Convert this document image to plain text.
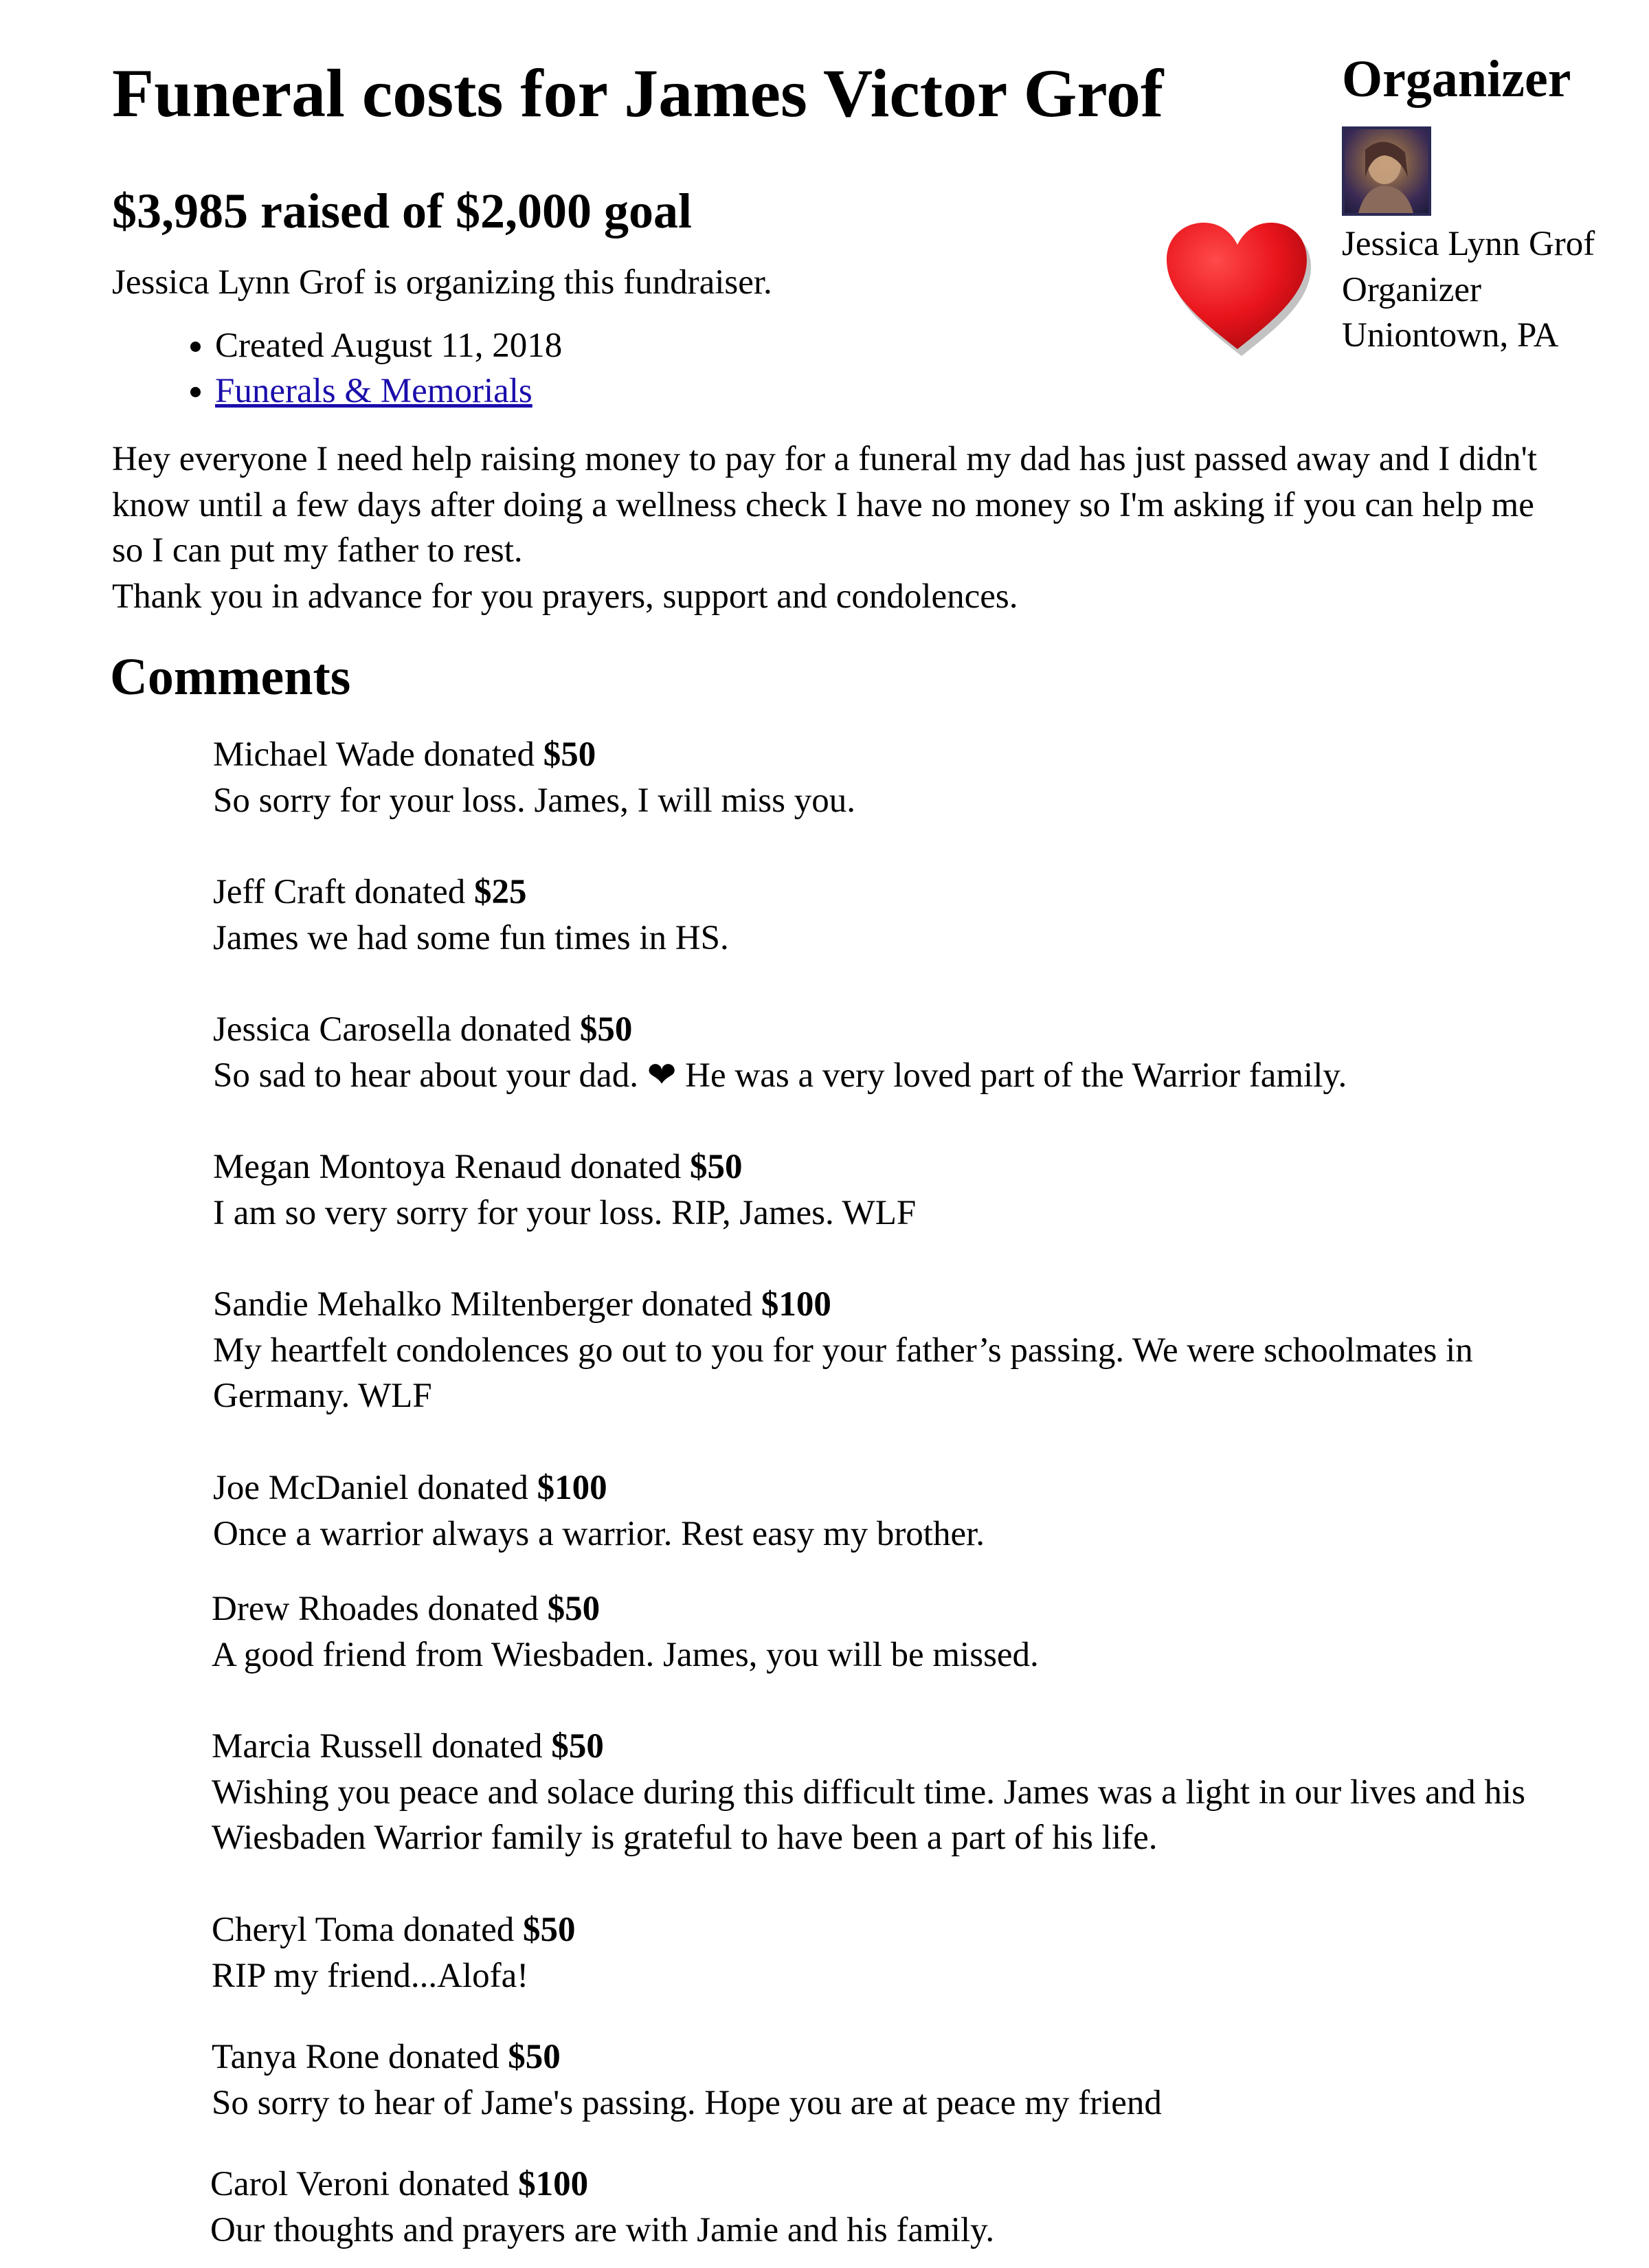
Funeral costs for James Victor Grof
$3,985 raised of $2,000 goal
Jessica Lynn Grof is organizing this fundraiser.
• Created August 11, 2018
• Funerals & Memorials

Hey everyone I need help raising money to pay for a funeral my dad has just passed away and I didn't know until a few days after doing a wellness check I have no money so I'm asking if you can help me so I can put my father to rest.

Thank you in advance for you prayers, support and condolences.

Comments

Michael Wade donated $50

So sorry for your loss. James, I will miss you.

Jeff Craft donated $25

James we had some fun times in HS.

Jessica Carosella donated $50

So sad to hear about your dad. ❤ He was a very loved part of the Warrior family.

Megan Montoya Renaud donated $50

I am so very sorry for your loss. RIP, James. WLF

Sandie Mehalko Miltenberger donated $100

My heartfelt condolences go out to you for your father’s passing. We were schoolmates in Germany. WLF

Joe McDaniel donated $100

Once a warrior always a warrior. Rest easy my brother.

Drew Rhoades donated $50

A good friend from Wiesbaden. James, you will be missed.

Marcia Russell donated $50

Wishing you peace and solace during this difficult time. James was a light in our lives and his Wiesbaden Warrior family is grateful to have been a part of his life.

Cheryl Toma donated $50

RIP my friend...Alofa!

Tanya Rone donated $50

So sorry to hear of Jame's passing. Hope you are at peace my friend

Carol Veroni donated $100

Our thoughts and prayers are with Jamie and his family.

Organizer
Jessica Lynn Grof
Organizer
Uniontown, PA
